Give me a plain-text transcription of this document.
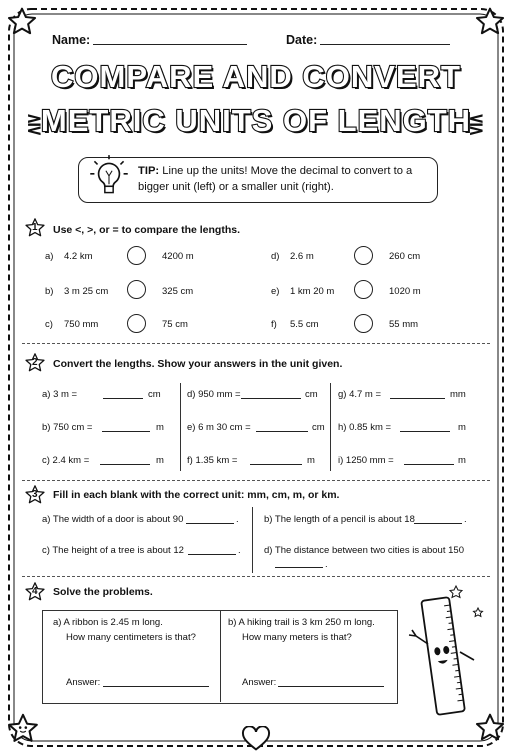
Name:	Date:
COMPARE AND CONVERT
METRIC UNITS OF LENGTH
⋛	⋚
TIP: Line up the units! Move the decimal to convert to a bigger unit (left) or a smaller unit (right).
1 Use <, >, or = to compare the lengths.
a) 4.2 km	4200 m
b) 3 m 25 cm	325 cm
c) 750 mm	75 cm
d) 2.6 m	260 cm
e) 1 km 20 m	1020 m
f) 5.5 cm	55 mm
2 Convert the lengths. Show your answers in the unit given.
a) 3 m =	cm
b) 750 cm =	m
c) 2.4 km =	m
d) 950 mm =	cm
e) 6 m 30 cm =	cm
f) 1.35 km =	m
g) 4.7 m =	mm
h) 0.85 km =	m
i) 1250 mm =	m
3 Fill in each blank with the correct unit: mm, cm, m, or km.
a) The width of a door is about 90	.	b) The length of a pencil is about 18	.
c) The height of a tree is about 12	. d) The distance between two cities is about 150
.
4 Solve the problems.
a) A ribbon is 2.45 m long.
How many centimeters is that?
Answer:
b) A hiking trail is 3 km 250 m long.
How many meters is that?
Answer:
